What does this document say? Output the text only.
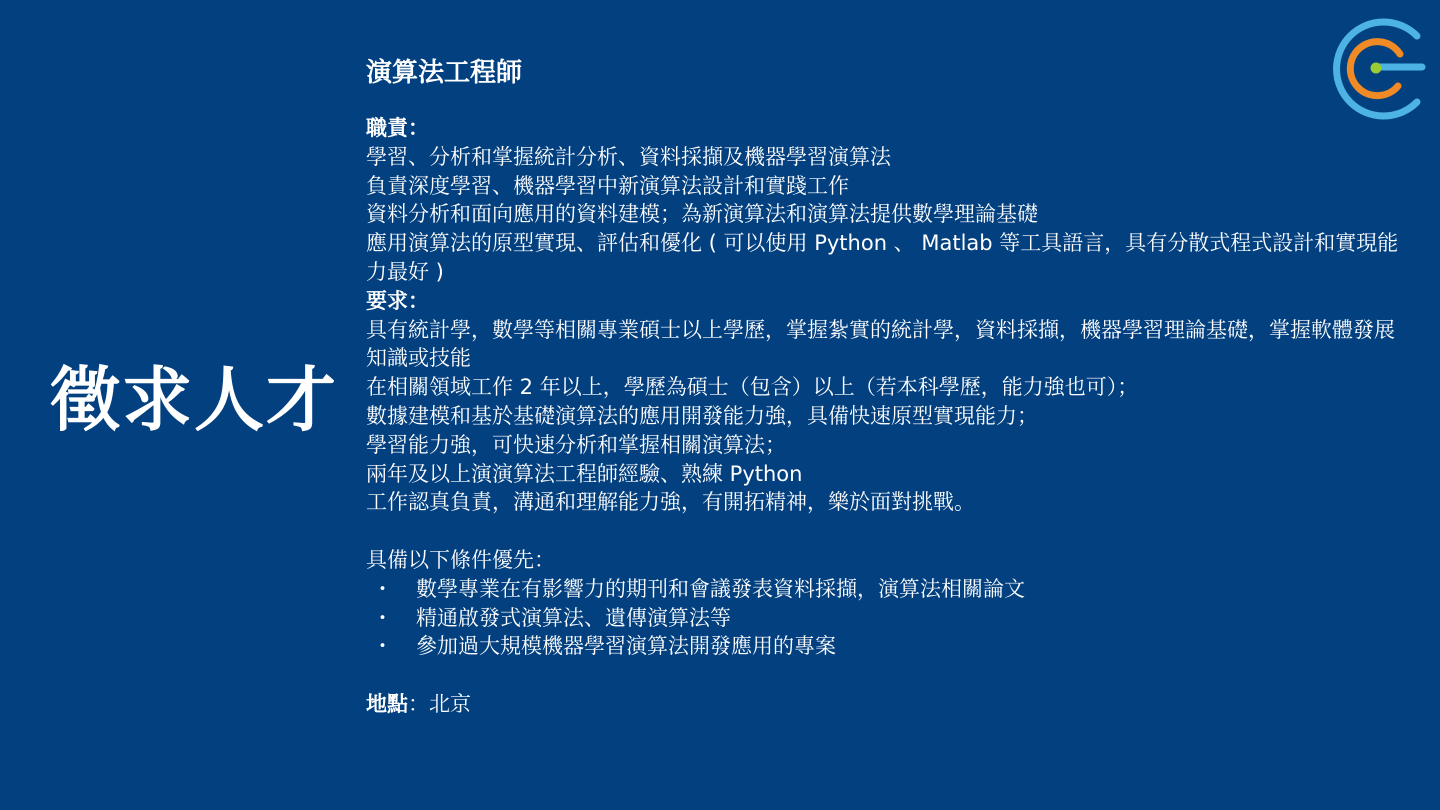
徵求人才
演算法工程師
職責：
學習、分析和掌握統計分析、資料採擷及機器學習演算法
負責深度學習、機器學習中新演算法設計和實踐工作
資料分析和面向應用的資料建模；為新演算法和演算法提供數學理論基礎
應用演算法的原型實現、評估和優化 ( 可以使用 Python 、 Matlab 等工具語言，具有分散式程式設計和實現能力最好 )
要求：
具有統計學，數學等相關專業碩士以上學歷，掌握紮實的統計學，資料採擷，機器學習理論基礎，掌握軟體發展知識或技能
在相關領域工作 2 年以上，學歷為碩士（包含）以上（若本科學歷，能力強也可）；
數據建模和基於基礎演算法的應用開發能力強，具備快速原型實現能力；
學習能力強，可快速分析和掌握相關演算法；
兩年及以上演演算法工程師經驗、熟練 Python
工作認真負責，溝通和理解能力強，有開拓精神，樂於面對挑戰。
具備以下條件優先：
・	數學專業在有影響力的期刊和會議發表資料採擷，演算法相關論文
・	精通啟發式演算法、遺傳演算法等
・	參加過大規模機器學習演算法開發應用的專案
地點：北京
